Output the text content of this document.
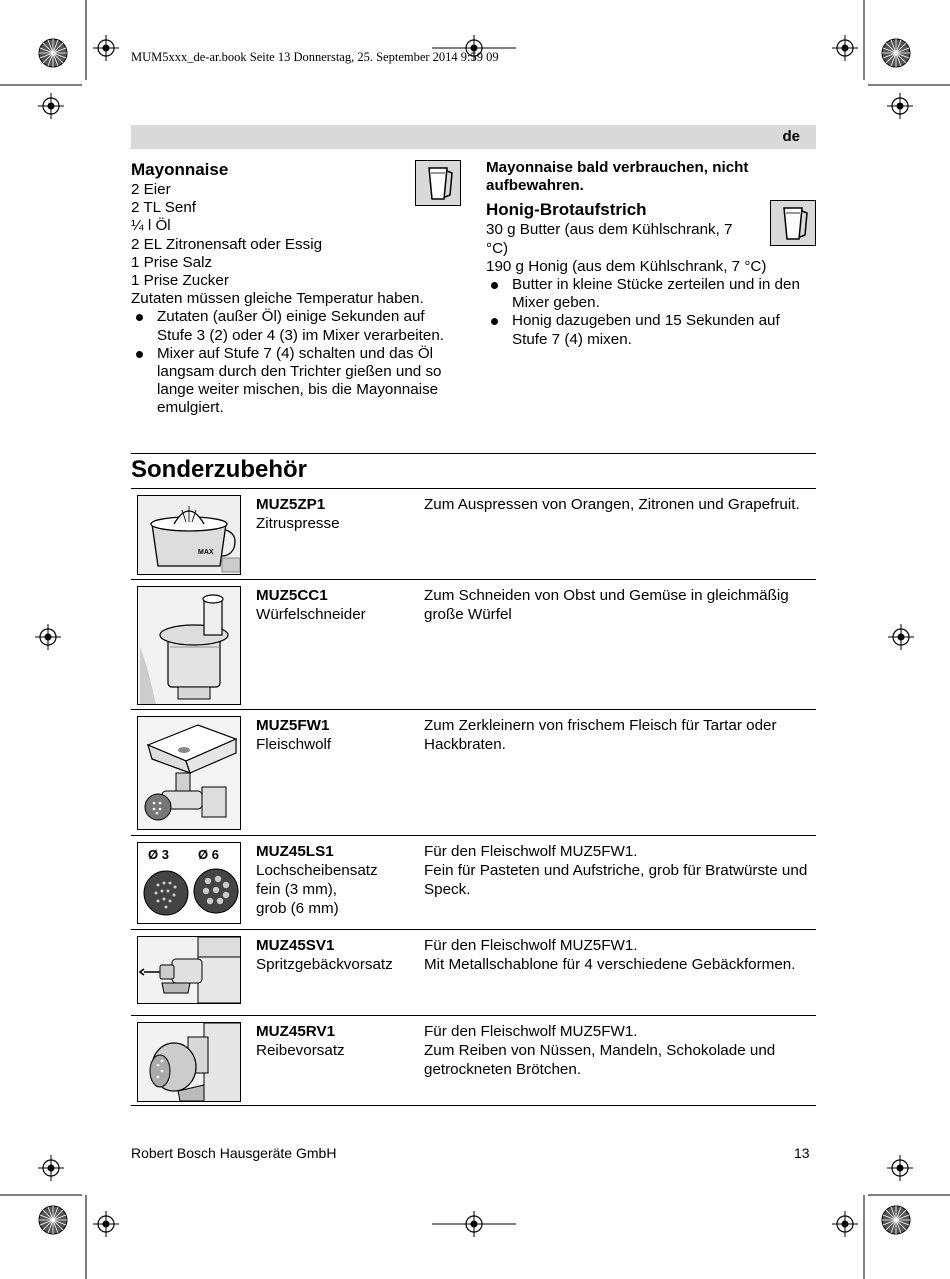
MUM5xxx_de-ar.book Seite 13 Donnerstag, 25. September 2014 9:59 09
de
Mayonnaise
2 Eier
2 TL Senf
¼ l Öl
2 EL Zitronensaft oder Essig
1 Prise Salz
1 Prise Zucker
Zutaten müssen gleiche Temperatur haben.
Zutaten (außer Öl) einige Sekunden auf Stufe 3 (2) oder 4 (3) im Mixer verarbeiten.
Mixer auf Stufe 7 (4) schalten und das Öl langsam durch den Trichter gießen und so lange weiter mischen, bis die Mayonnaise emulgiert.
Mayonnaise bald verbrauchen, nicht aufbewahren.
Honig-Brotaufstrich
30 g Butter (aus dem Kühlschrank, 7 °C)
190 g Honig (aus dem Kühlschrank, 7 °C)
Butter in kleine Stücke zerteilen und in den Mixer geben.
Honig dazugeben und 15 Sekunden auf Stufe 7 (4) mixen.
Sonderzubehör
MAX
MUZ5ZP1
Zitruspresse
Zum Auspressen von Orangen, Zitronen und Grapefruit.
MUZ5CC1
Würfelschneider
Zum Schneiden von Obst und Gemüse in gleichmäßig große Würfel
MUZ5FW1
Fleischwolf
Zum Zerkleinern von frischem Fleisch für Tartar oder Hackbraten.
Ø 3 Ø 6 MUZ45LS1
Lochscheibensatz
fein (3 mm),
grob (6 mm)
Für den Fleischwolf MUZ5FW1.
Fein für Pasteten und Aufstriche, grob für Bratwürste und Speck.
MUZ45SV1
Spritzgebäckvorsatz
Für den Fleischwolf MUZ5FW1.
Mit Metallschablone für 4 verschiedene Gebäckformen.
MUZ45RV1
Reibevorsatz
Für den Fleischwolf MUZ5FW1.
Zum Reiben von Nüssen, Mandeln, Schokolade und getrockneten Brötchen.
Robert Bosch Hausgeräte GmbH	13
